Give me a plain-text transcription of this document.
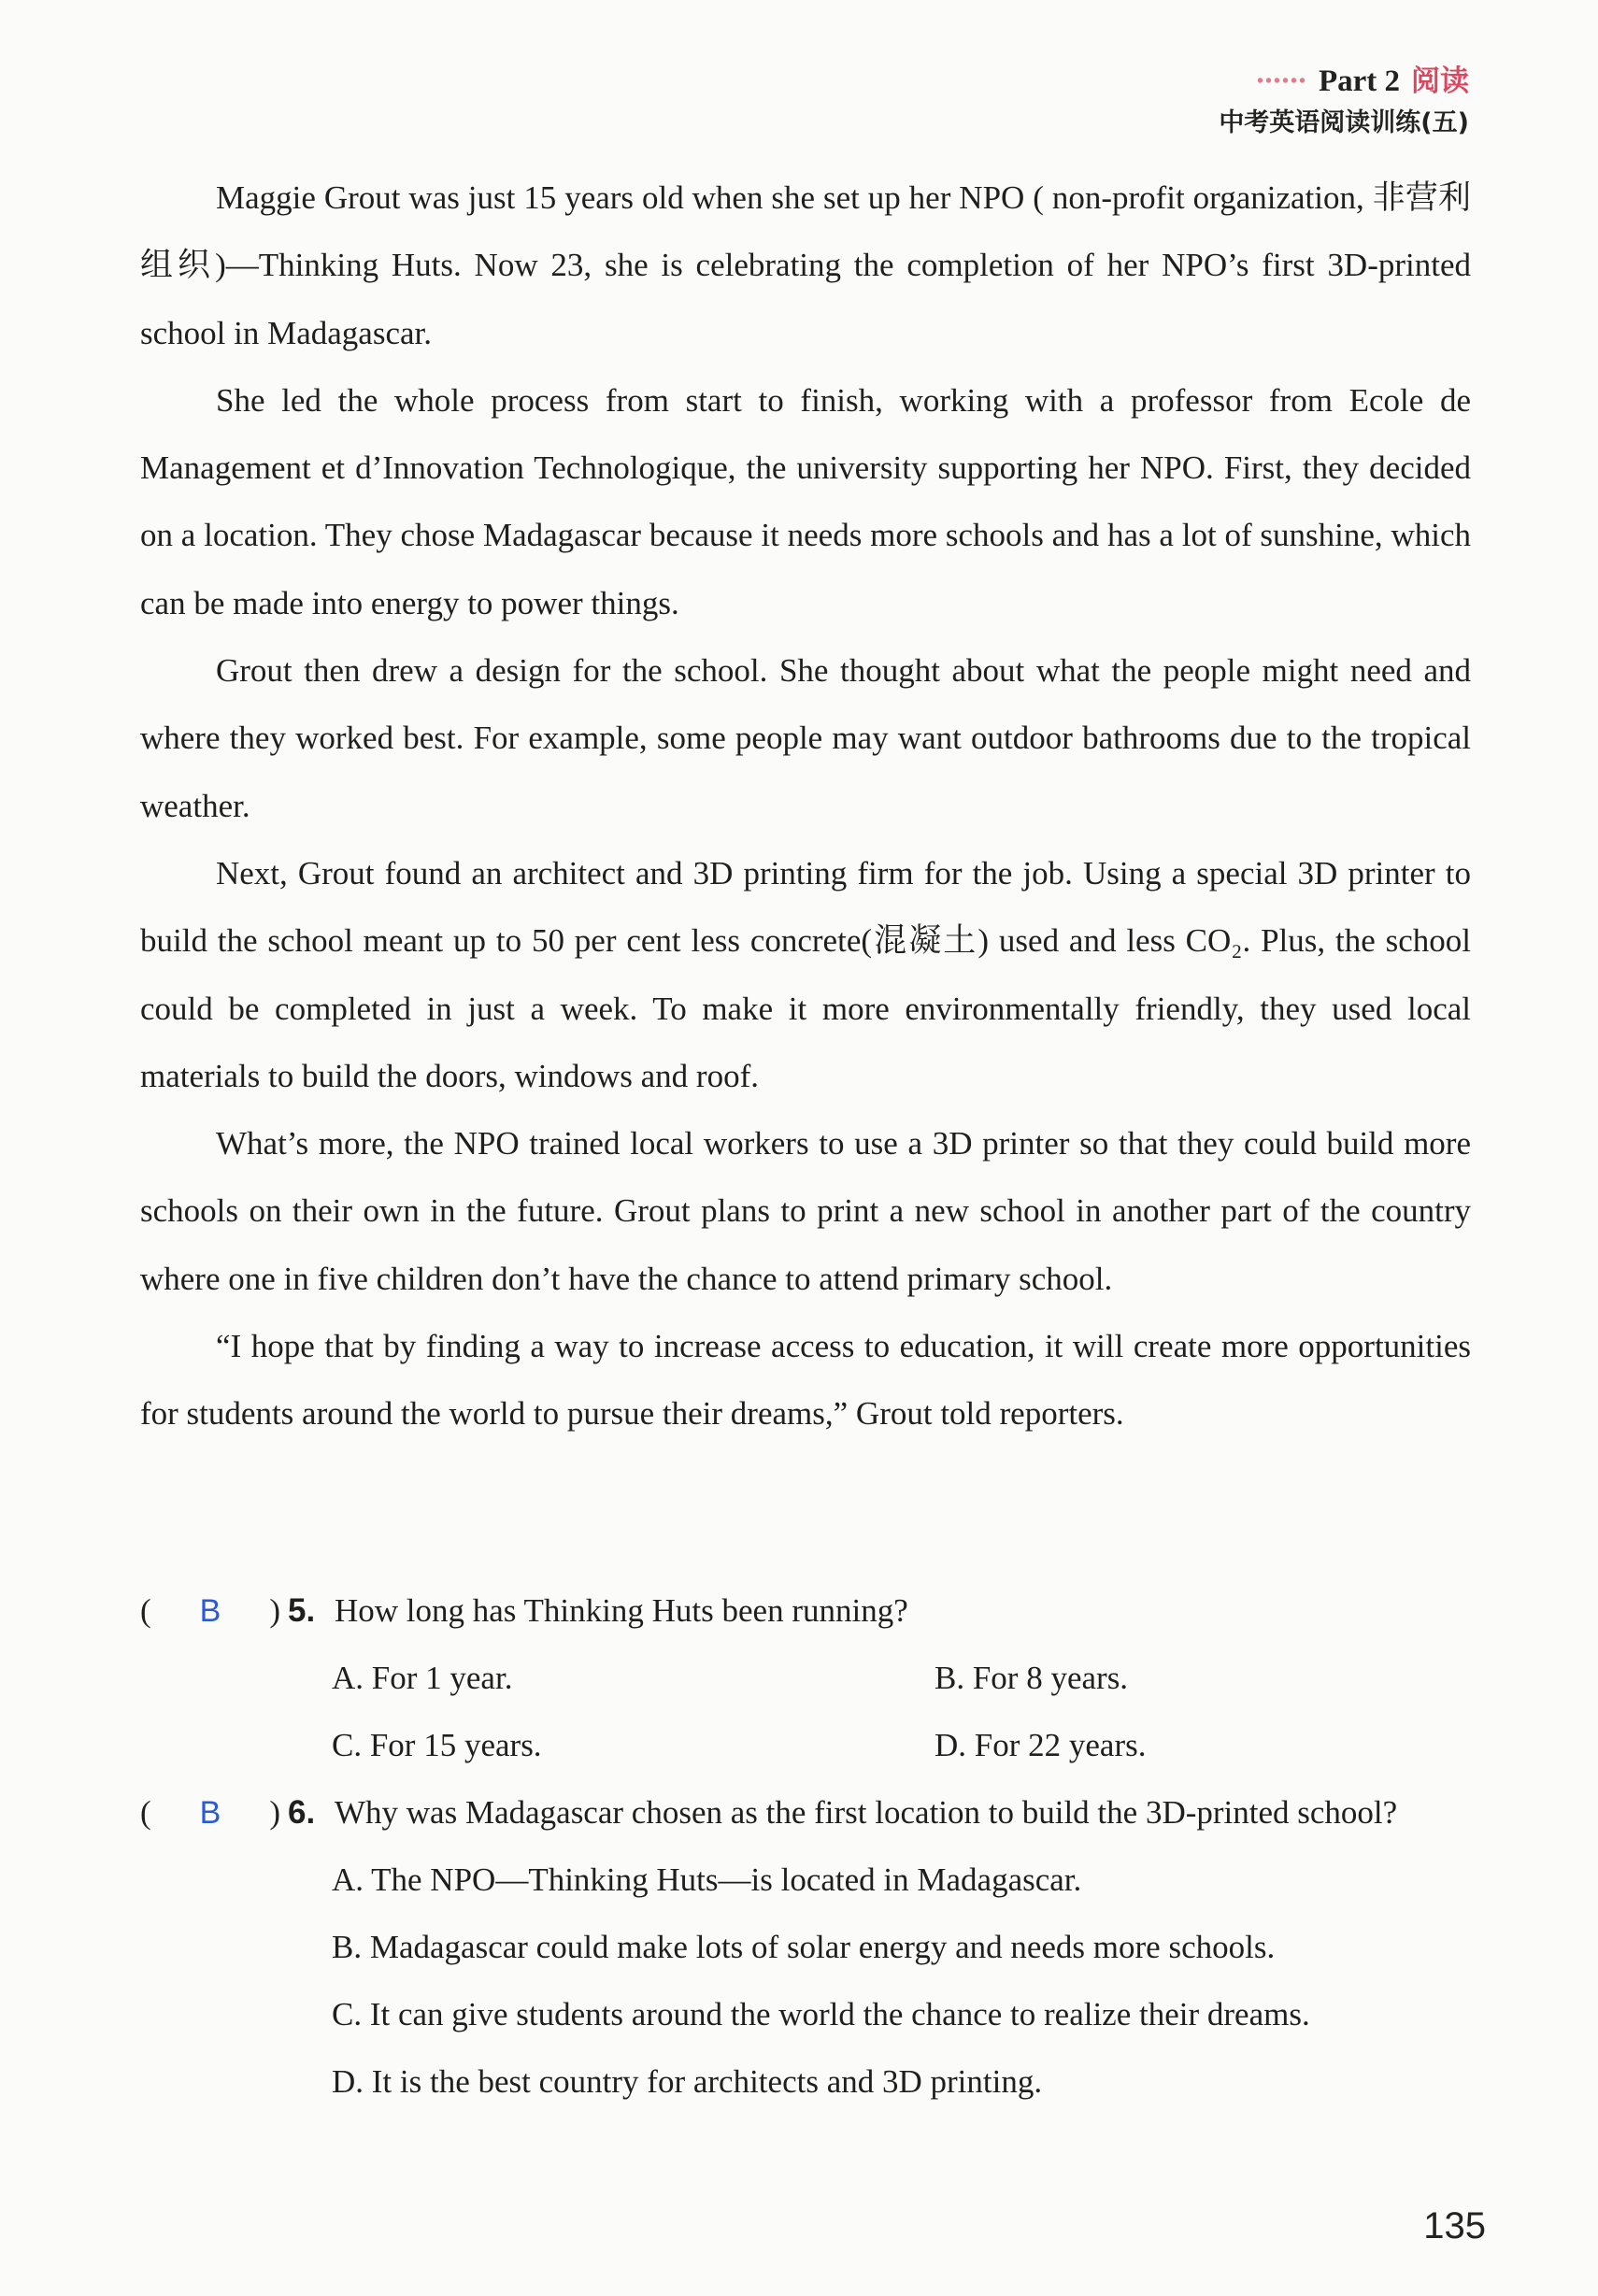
•••••• Part 2 阅读
中考英语阅读训练(五)

Maggie Grout was just 15 years old when she set up her NPO ( non-profit organization, 非营利组织)—Thinking Huts. Now 23, she is celebrating the completion of her NPO’s first 3D-printed school in Madagascar.

She led the whole process from start to finish, working with a professor from Ecole de Management et d’Innovation Technologique, the university supporting her NPO. First, they decided on a location. They chose Madagascar because it needs more schools and has a lot of sunshine, which can be made into energy to power things.

Grout then drew a design for the school. She thought about what the people might need and where they worked best. For example, some people may want outdoor bathrooms due to the tropical weather.

Next, Grout found an architect and 3D printing firm for the job. Using a special 3D printer to build the school meant up to 50 per cent less concrete(混凝土) used and less CO₂. Plus, the school could be completed in just a week. To make it more environmentally friendly, they used local materials to build the doors, windows and roof.

What’s more, the NPO trained local workers to use a 3D printer so that they could build more schools on their own in the future. Grout plans to print a new school in another part of the country where one in five children don’t have the chance to attend primary school.

“I hope that by finding a way to increase access to education, it will create more opportunities for students around the world to pursue their dreams,” Grout told reporters.

( B ) 5. How long has Thinking Huts been running?
A. For 1 year.	B. For 8 years.
C. For 15 years.	D. For 22 years.
( B ) 6. Why was Madagascar chosen as the first location to build the 3D-printed school?
A. The NPO—Thinking Huts—is located in Madagascar.
B. Madagascar could make lots of solar energy and needs more schools.
C. It can give students around the world the chance to realize their dreams.
D. It is the best country for architects and 3D printing.
135
